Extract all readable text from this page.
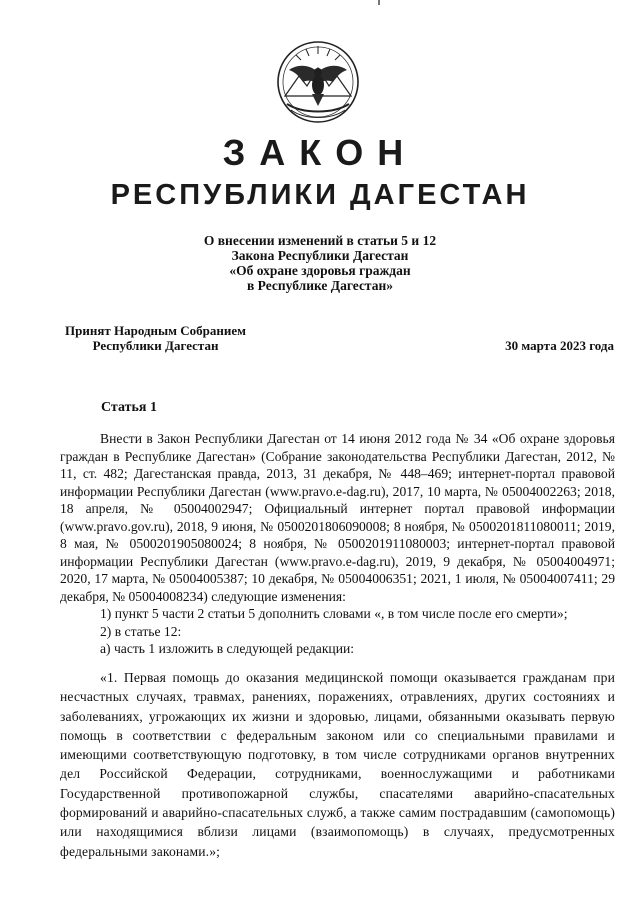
ЗАКОН
РЕСПУБЛИКИ ДАГЕСТАН
О внесении изменений в статьи 5 и 12
Закона Республики Дагестан
«Об охране здоровья граждан
в Республике Дагестан»
Принят Народным Собранием
Республики Дагестан	30 марта 2023 года
Статья 1

Внести в Закон Республики Дагестан от 14 июня 2012 года № 34 «Об охране здоровья граждан в Республике Дагестан» (Собрание законодательства Республики Дагестан, 2012, № 11, ст. 482; Дагестанская правда, 2013, 31 декабря, № 448–469; интернет-портал правовой информации Республики Дагестан (www.pravo.e-dag.ru), 2017, 10 марта, № 05004002263; 2018, 18 апреля, № 05004002947; Официальный интернет портал правовой информации (www.pravo.gov.ru), 2018, 9 июня, № 0500201806090008; 8 ноября, № 0500201811080011; 2019, 8 мая, № 0500201905080024; 8 ноября, № 0500201911080003; интернет-портал правовой информации Республики Дагестан (www.pravo.e-dag.ru), 2019, 9 декабря, № 05004004971; 2020, 17 марта, № 05004005387; 10 декабря, № 05004006351; 2021, 1 июля, № 05004007411; 29 декабря, № 05004008234) следующие изменения:

1) пункт 5 части 2 статьи 5 дополнить словами «, в том числе после его смерти»;

2) в статье 12:

а) часть 1 изложить в следующей редакции:

«1. Первая помощь до оказания медицинской помощи оказывается гражданам при несчастных случаях, травмах, ранениях, поражениях, отравлениях, других состояниях и заболеваниях, угрожающих их жизни и здоровью, лицами, обязанными оказывать первую помощь в соответствии с федеральным законом или со специальными правилами и имеющими соответствующую подготовку, в том числе сотрудниками органов внутренних дел Российской Федерации, сотрудниками, военнослужащими и работниками Государственной противопожарной службы, спасателями аварийно-спасательных формирований и аварийно-спасательных служб, а также самим пострадавшим (самопомощь) или находящимися вблизи лицами (взаимопомощь) в случаях, предусмотренных федеральными законами.»;
